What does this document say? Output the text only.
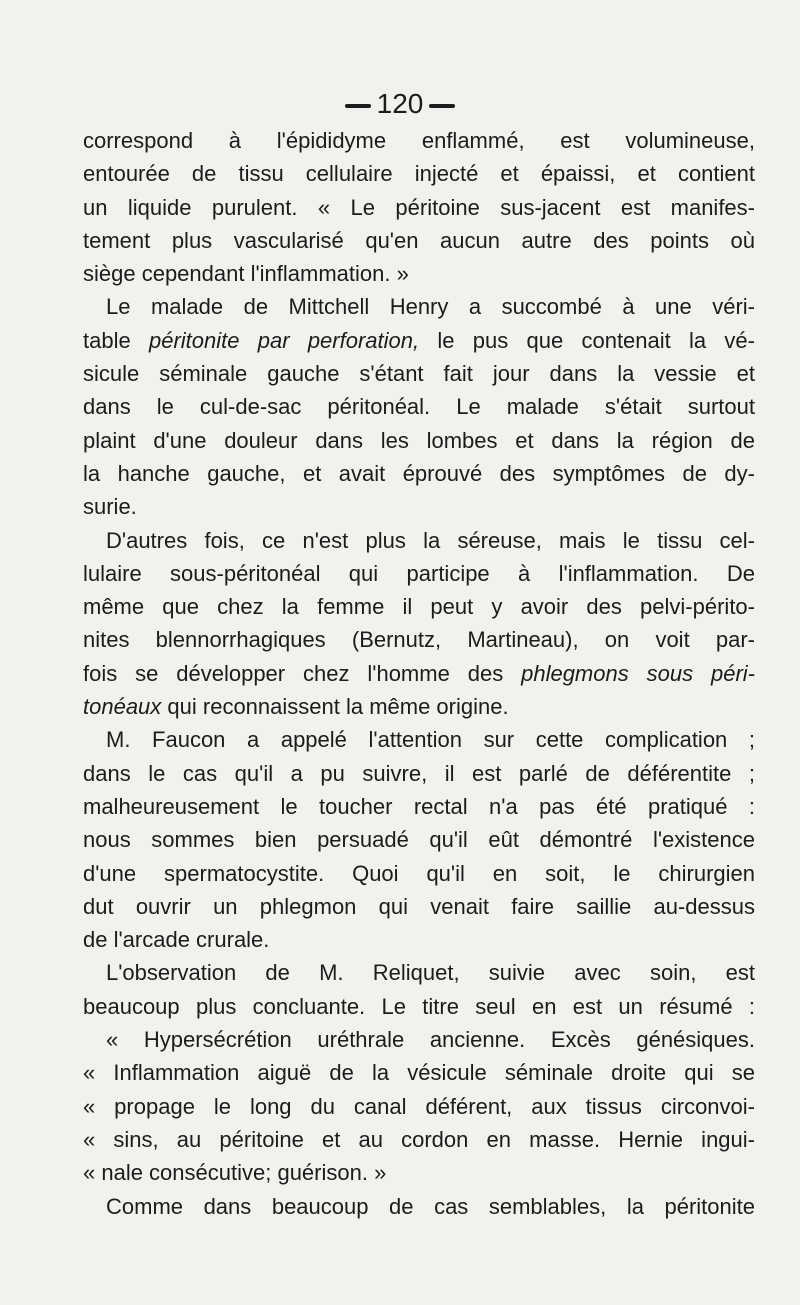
120
correspond à l'épididyme enflammé, est volumineuse,
entourée de tissu cellulaire injecté et épaissi, et contient
un liquide purulent. « Le péritoine sus-jacent est manifes-
tement plus vascularisé qu'en aucun autre des points où
siège cependant l'inflammation. »
Le malade de Mittchell Henry a succombé à une véri-
table péritonite par perforation, le pus que contenait la vé-
sicule séminale gauche s'étant fait jour dans la vessie et
dans le cul-de-sac péritonéal. Le malade s'était surtout
plaint d'une douleur dans les lombes et dans la région de
la hanche gauche, et avait éprouvé des symptômes de dy-
surie.
D'autres fois, ce n'est plus la séreuse, mais le tissu cel-
lulaire sous-péritonéal qui participe à l'inflammation. De
même que chez la femme il peut y avoir des pelvi-périto-
nites blennorrhagiques (Bernutz, Martineau), on voit par-
fois se développer chez l'homme des phlegmons sous péri-
tonéaux qui reconnaissent la même origine.
M. Faucon a appelé l'attention sur cette complication ;
dans le cas qu'il a pu suivre, il est parlé de déférentite ;
malheureusement le toucher rectal n'a pas été pratiqué :
nous sommes bien persuadé qu'il eût démontré l'existence
d'une spermatocystite. Quoi qu'il en soit, le chirurgien
dut ouvrir un phlegmon qui venait faire saillie au-dessus
de l'arcade crurale.
L'observation de M. Reliquet, suivie avec soin, est
beaucoup plus concluante. Le titre seul en est un résumé :
« Hypersécrétion uréthrale ancienne. Excès génésiques.
« Inflammation aiguë de la vésicule séminale droite qui se
« propage le long du canal déférent, aux tissus circonvoi-
« sins, au péritoine et au cordon en masse. Hernie ingui-
« nale consécutive; guérison. »
Comme dans beaucoup de cas semblables, la péritonite
